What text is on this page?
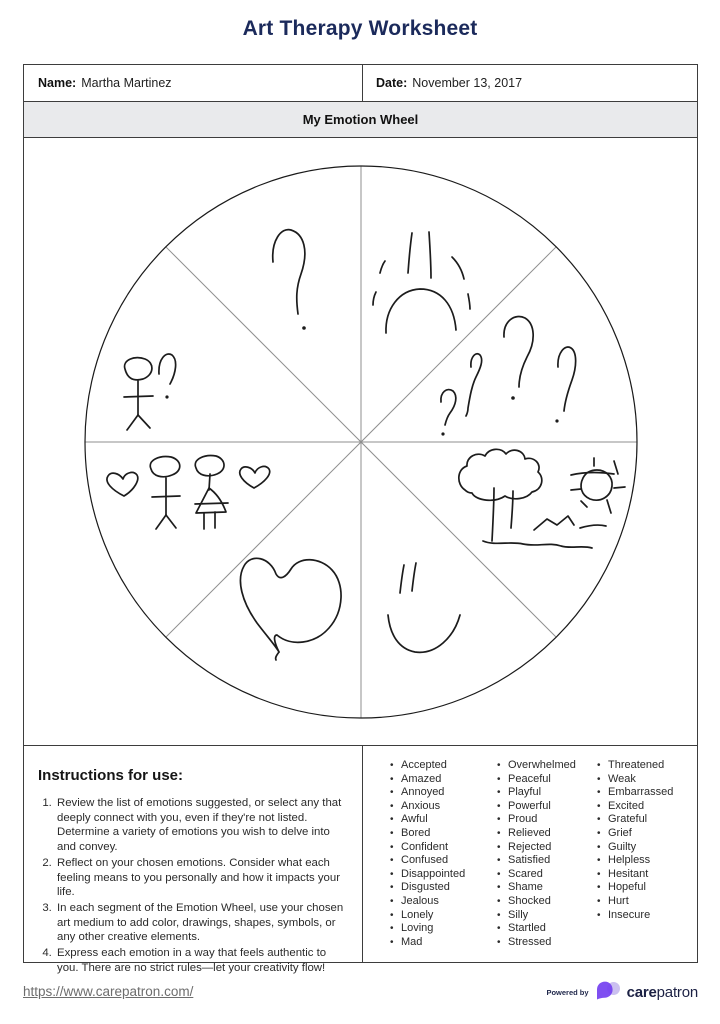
Art Therapy Worksheet
Name: Martha Martinez	Date: November 13, 2017
My Emotion Wheel
Instructions for use:
1. Review the list of emotions suggested, or select any that deeply connect with you, even if they're not listed. Determine a variety of emotions you wish to delve into and convey.
2. Reflect on your chosen emotions. Consider what each feeling means to you personally and how it impacts your life.
3. In each segment of the Emotion Wheel, use your chosen art medium to add color, drawings, shapes, symbols, or any other creative elements.
4. Express each emotion in a way that feels authentic to you. There are no strict rules—let your creativity flow!
• Accepted
• Amazed
• Annoyed
• Anxious
• Awful
• Bored
• Confident
• Confused
• Disappointed
• Disgusted
• Jealous
• Lonely
• Loving
• Mad
• Overwhelmed
• Peaceful
• Playful
• Powerful
• Proud
• Relieved
• Rejected
• Satisfied
• Scared
• Shame
• Shocked
• Silly
• Startled
• Stressed
• Threatened
• Weak
• Embarrassed
• Excited
• Grateful
• Grief
• Guilty
• Helpless
• Hesitant
• Hopeful
• Hurt
• Insecure
https://www.carepatron.com/	Powered by	carepatron
